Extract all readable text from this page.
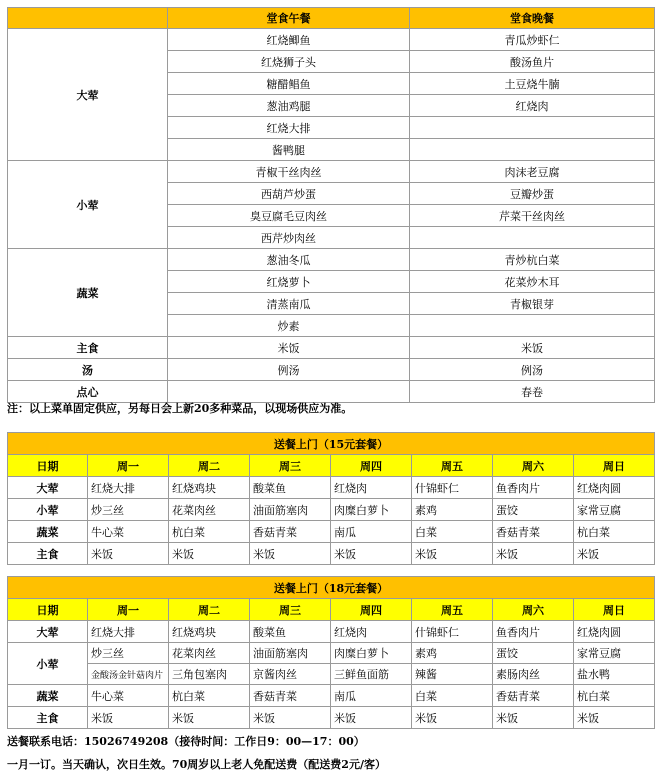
	堂食午餐	堂食晚餐
大荤	红烧鲫鱼	青瓜炒虾仁
	红烧狮子头	酸汤鱼片
	糖醋鲳鱼	土豆烧牛腩
	葱油鸡腿	红烧肉
	红烧大排	
	酱鸭腿	
小荤	青椒干丝肉丝	肉沫老豆腐
	西葫芦炒蛋	豆瓣炒蛋
	臭豆腐毛豆肉丝	芹菜干丝肉丝
	西芹炒肉丝	
蔬菜	葱油冬瓜	青炒杭白菜
	红烧萝卜	花菜炒木耳
	清蒸南瓜	青椒银芽
	炒素	
主食	米饭	米饭
汤	例汤	例汤
点心		春卷
注：以上菜单固定供应，另每日会上新20多种菜品，以现场供应为准。
送餐上门（15元套餐）							
日期	周一	周二	周三	周四	周五	周六	周日
大荤	红烧大排	红烧鸡块	酸菜鱼	红烧肉	什锦虾仁	鱼香肉片	红烧肉圆
小荤	炒三丝	花菜肉丝	油面筋塞肉	肉糜白萝卜	素鸡	蛋饺	家常豆腐
蔬菜	牛心菜	杭白菜	香菇青菜	南瓜	白菜	香菇青菜	杭白菜
主食	米饭	米饭	米饭	米饭	米饭	米饭	米饭
送餐上门（18元套餐）							
日期	周一	周二	周三	周四	周五	周六	周日
大荤	红烧大排	红烧鸡块	酸菜鱼	红烧肉	什锦虾仁	鱼香肉片	红烧肉圆
小荤	炒三丝	花菜肉丝	油面筋塞肉	肉糜白萝卜	素鸡	蛋饺	家常豆腐
	金酸汤金针菇肉片	三角包塞肉	京酱肉丝	三鲜鱼面筋	辣酱	素肠肉丝	盐水鸭
蔬菜	牛心菜	杭白菜	香菇青菜	南瓜	白菜	香菇青菜	杭白菜
主食	米饭	米饭	米饭	米饭	米饭	米饭	米饭
送餐联系电话：15026749208（接待时间：工作日9：00—17：00）
一月一订。当天确认，次日生效。70周岁以上老人免配送费（配送费2元/客）
